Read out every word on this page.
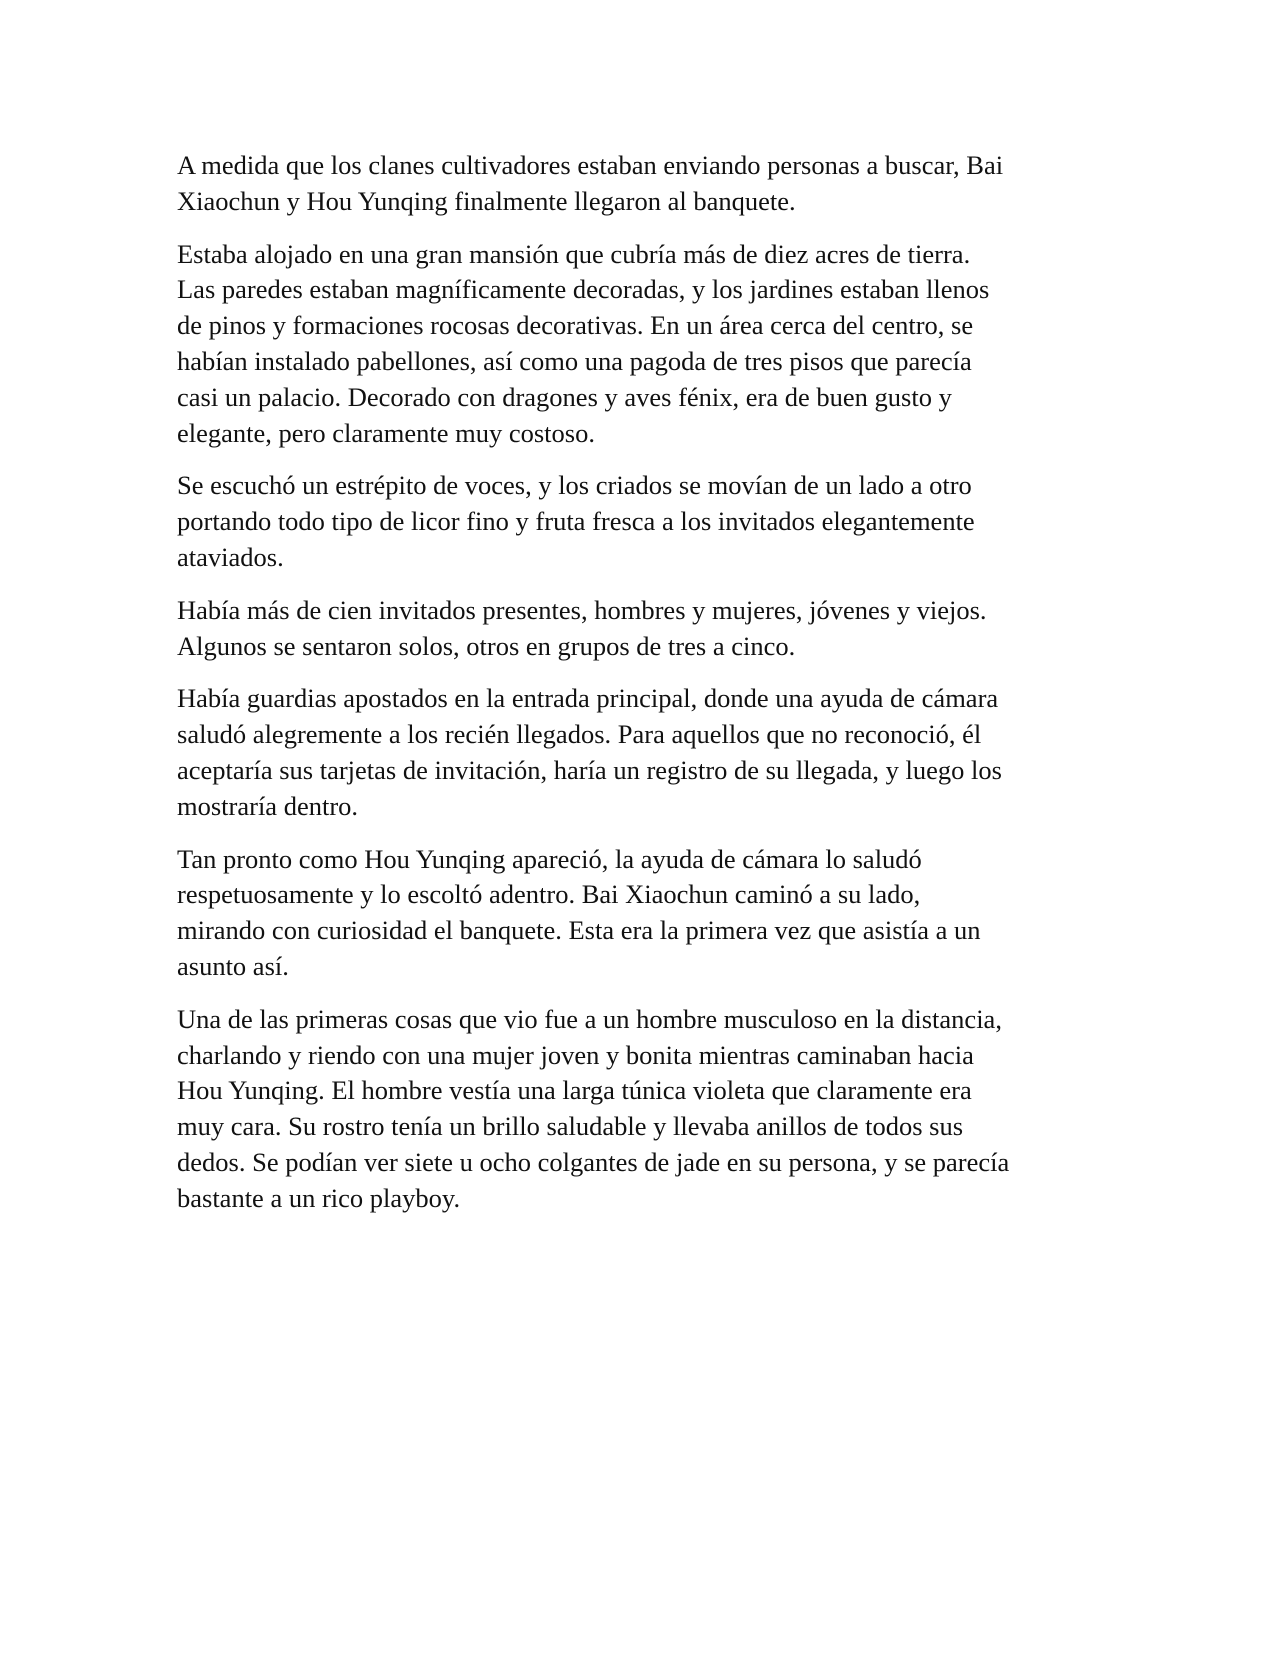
A medida que los clanes cultivadores estaban enviando personas a buscar, Bai
Xiaochun y Hou Yunqing finalmente llegaron al banquete.

Estaba alojado en una gran mansión que cubría más de diez acres de tierra.
Las paredes estaban magníficamente decoradas, y los jardines estaban llenos
de pinos y formaciones rocosas decorativas. En un área cerca del centro, se
habían instalado pabellones, así como una pagoda de tres pisos que parecía
casi un palacio. Decorado con dragones y aves fénix, era de buen gusto y
elegante, pero claramente muy costoso.

Se escuchó un estrépito de voces, y los criados se movían de un lado a otro
portando todo tipo de licor fino y fruta fresca a los invitados elegantemente
ataviados.

Había más de cien invitados presentes, hombres y mujeres, jóvenes y viejos.
Algunos se sentaron solos, otros en grupos de tres a cinco.

Había guardias apostados en la entrada principal, donde una ayuda de cámara
saludó alegremente a los recién llegados. Para aquellos que no reconoció, él
aceptaría sus tarjetas de invitación, haría un registro de su llegada, y luego los
mostraría dentro.

Tan pronto como Hou Yunqing apareció, la ayuda de cámara lo saludó
respetuosamente y lo escoltó adentro. Bai Xiaochun caminó a su lado,
mirando con curiosidad el banquete. Esta era la primera vez que asistía a un
asunto así.

Una de las primeras cosas que vio fue a un hombre musculoso en la distancia,
charlando y riendo con una mujer joven y bonita mientras caminaban hacia
Hou Yunqing. El hombre vestía una larga túnica violeta que claramente era
muy cara. Su rostro tenía un brillo saludable y llevaba anillos de todos sus
dedos. Se podían ver siete u ocho colgantes de jade en su persona, y se parecía
bastante a un rico playboy.
